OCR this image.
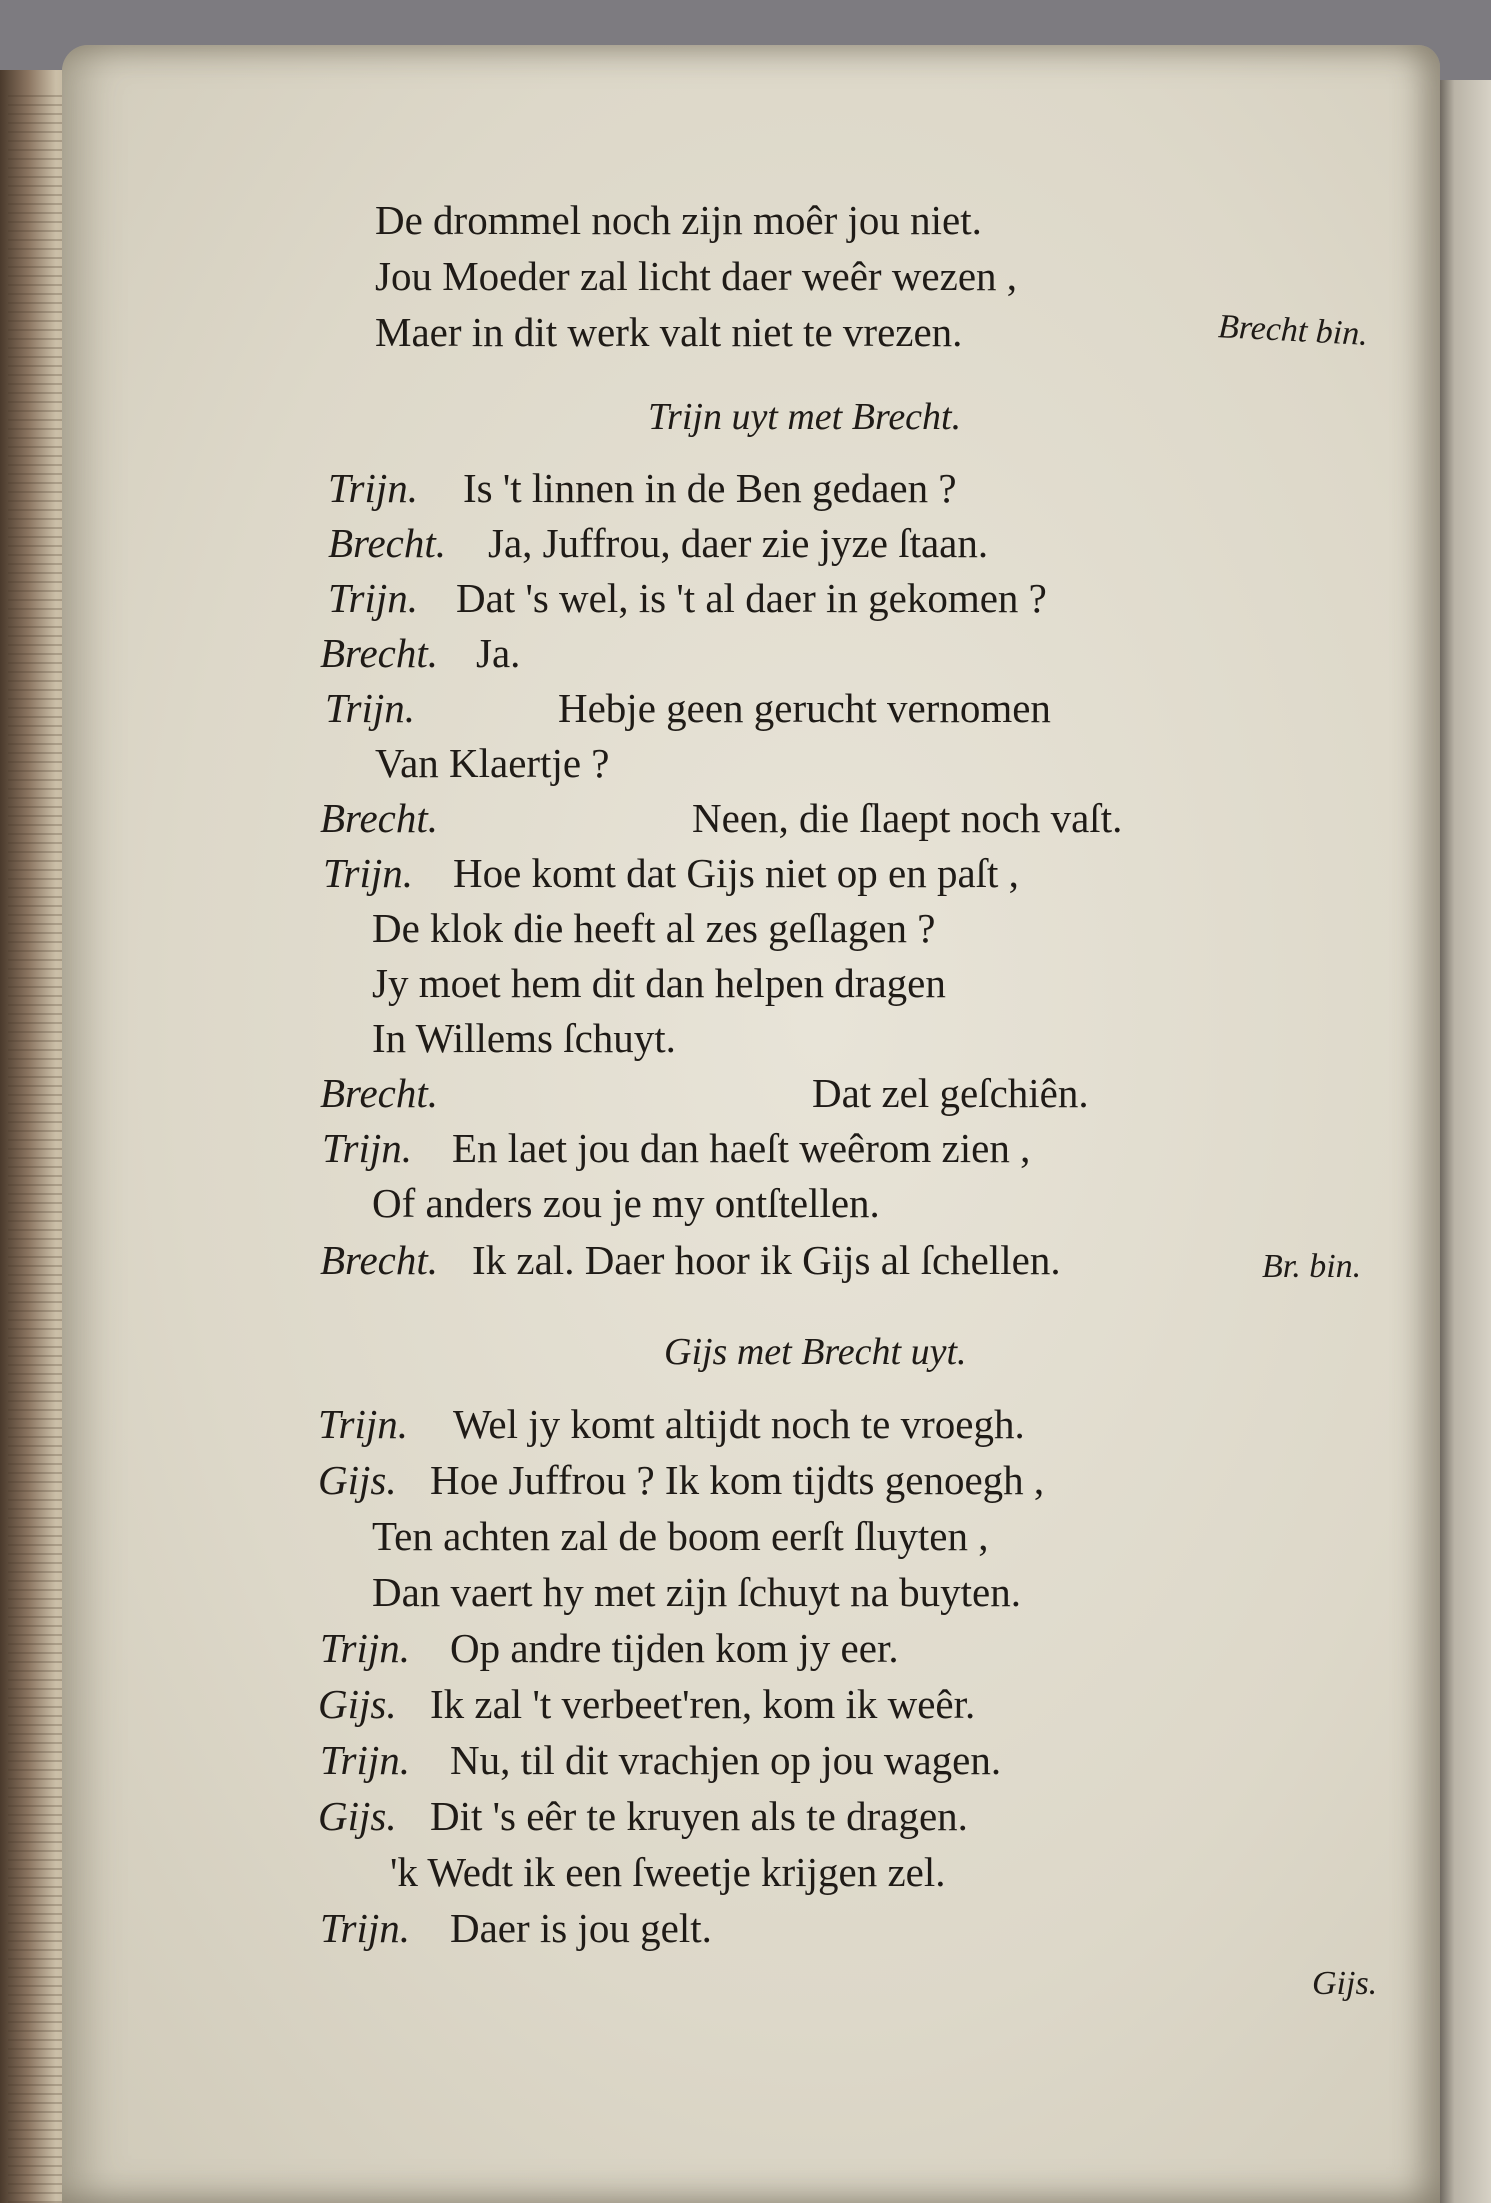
De drommel noch zijn moêr jou niet.
Jou Moeder zal licht daer weêr wezen ,
Maer in dit werk valt niet te vrezen.	Brecht bin.
Trijn uyt met Brecht.
Trijn. Is 't linnen in de Ben gedaen ?
Brecht. Ja, Juffrou, daer zie jyze ſtaan.
Trijn. Dat 's wel, is 't al daer in gekomen ?
Brecht. Ja.
Trijn.	Hebje geen gerucht vernomen
Van Klaertje ?
Brecht.	Neen, die ſlaept noch vaſt.
Trijn. Hoe komt dat Gijs niet op en paſt ,
De klok die heeft al zes geſlagen ?
Jy moet hem dit dan helpen dragen
In Willems ſchuyt.
Brecht.	Dat zel geſchiên.
Trijn. En laet jou dan haeſt weêrom zien ,
Of anders zou je my ontſtellen.
Brecht. Ik zal. Daer hoor ik Gijs al ſchellen.	Br. bin.
Gijs met Brecht uyt.
Trijn. Wel jy komt altijdt noch te vroegh.
Gijs. Hoe Juffrou ? Ik kom tijdts genoegh ,
Ten achten zal de boom eerſt ſluyten ,
Dan vaert hy met zijn ſchuyt na buyten.
Trijn. Op andre tijden kom jy eer.
Gijs. Ik zal 't verbeet'ren, kom ik weêr.
Trijn. Nu, til dit vrachjen op jou wagen.
Gijs. Dit 's eêr te kruyen als te dragen.
'k Wedt ik een ſweetje krijgen zel.
Trijn. Daer is jou gelt.
Gijs.
